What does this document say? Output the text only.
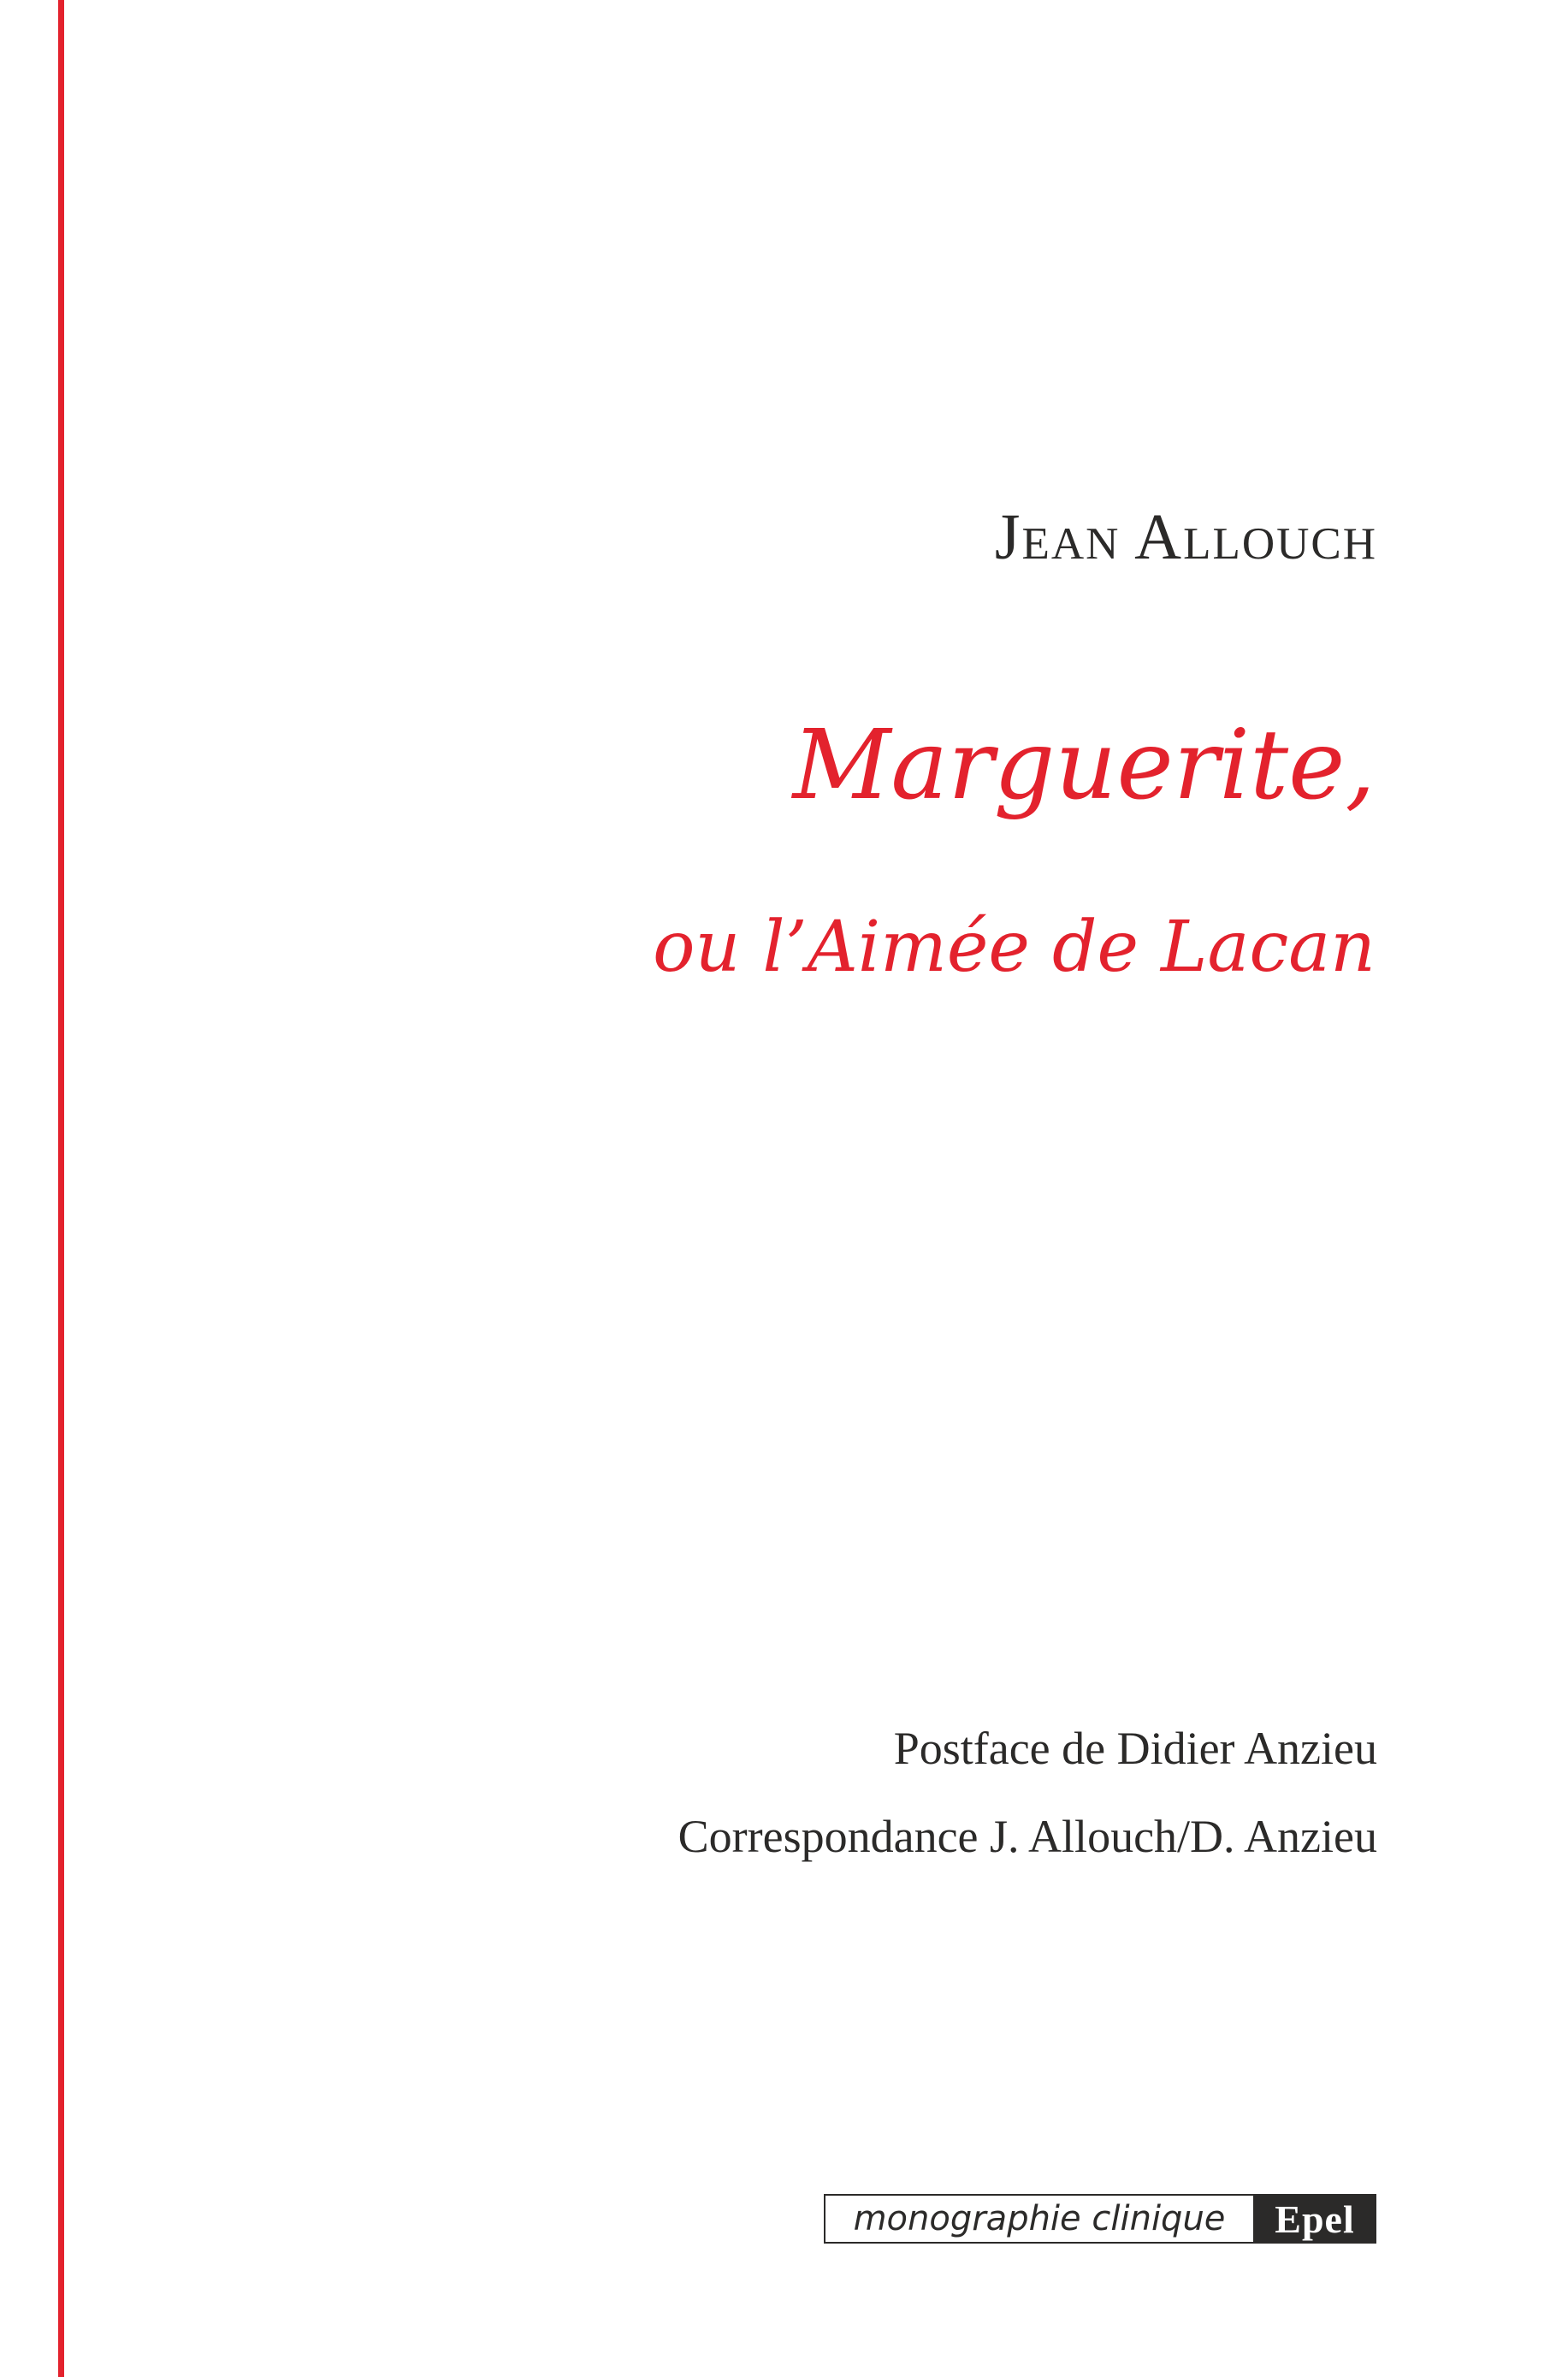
Jean Allouch
Marguerite,
ou l’Aimée de Lacan

Postface de Didier Anzieu

Correspondance J. Allouch/D. Anzieu

monographie clinique	Epel
